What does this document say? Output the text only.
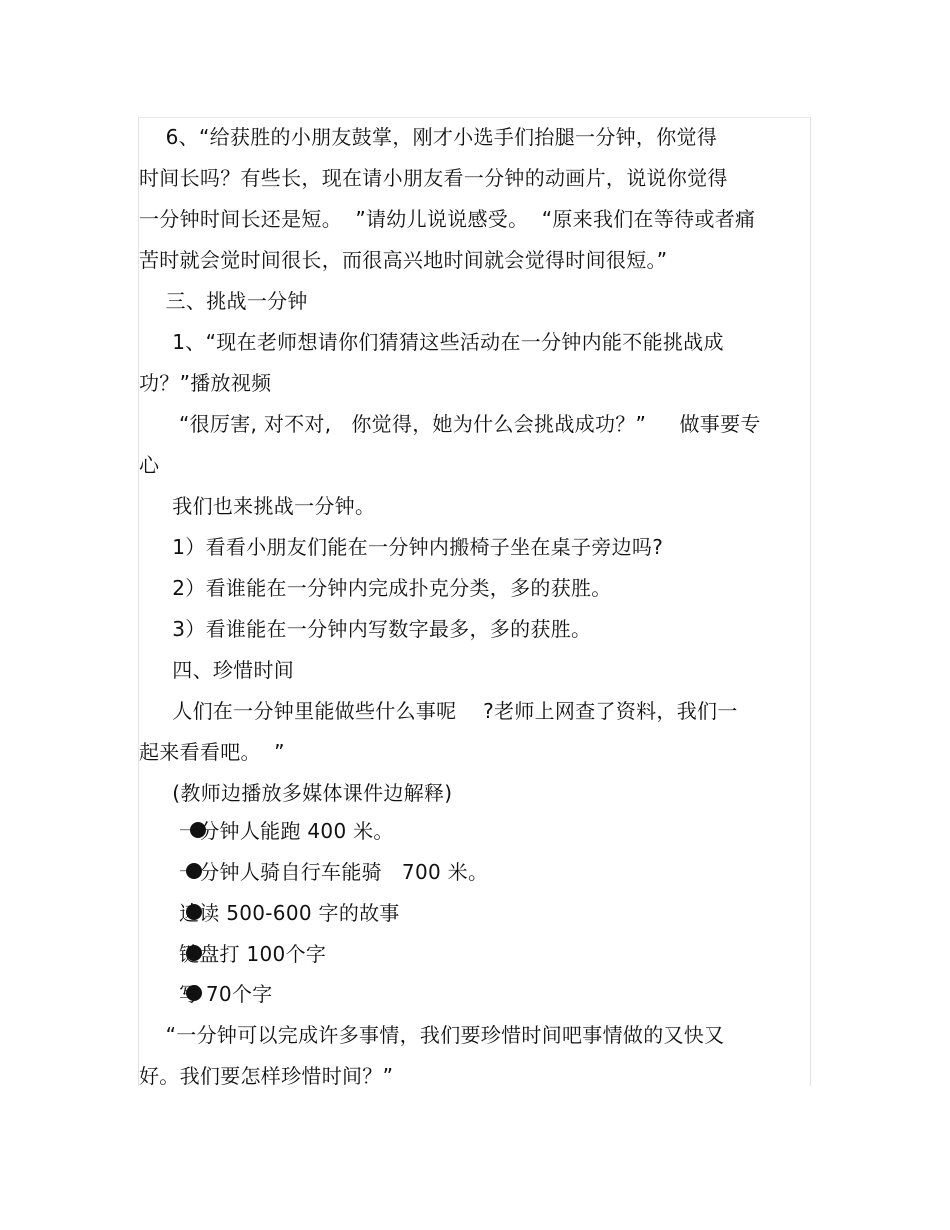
6、“给获胜的小朋友鼓掌，刚才小选手们抬腿一分钟，你觉得
时间长吗？有些长，现在请小朋友看一分钟的动画片，说说你觉得
一分钟时间长还是短。  ”请幼儿说说感受。  “原来我们在等待或者痛
苦时就会觉时间很长，而很高兴地时间就会觉得时间很短。”
三、挑战一分钟
1、“现在老师想请你们猜猜这些活动在一分钟内能不能挑战成
功？”播放视频
“很厉害, 对不对,   你觉得，她为什么会挑战成功？”     做事要专
心
我们也来挑战一分钟。
1）看看小朋友们能在一分钟内搬椅子坐在桌子旁边吗?
2）看谁能在一分钟内完成扑克分类，多的获胜。
3）看谁能在一分钟内写数字最多，多的获胜。
四、珍惜时间
人们在一分钟里能做些什么事呢    ?老师上网查了资料，我们一
起来看看吧。  ”
(教师边播放多媒体课件边解释)
一分钟人能跑 400 米。
一分钟人骑自行车能骑   700 米。
速读 500-600 字的故事
键盘打 100个字
写 70个字
“一分钟可以完成许多事情，我们要珍惜时间吧事情做的又快又
好。我们要怎样珍惜时间？”
